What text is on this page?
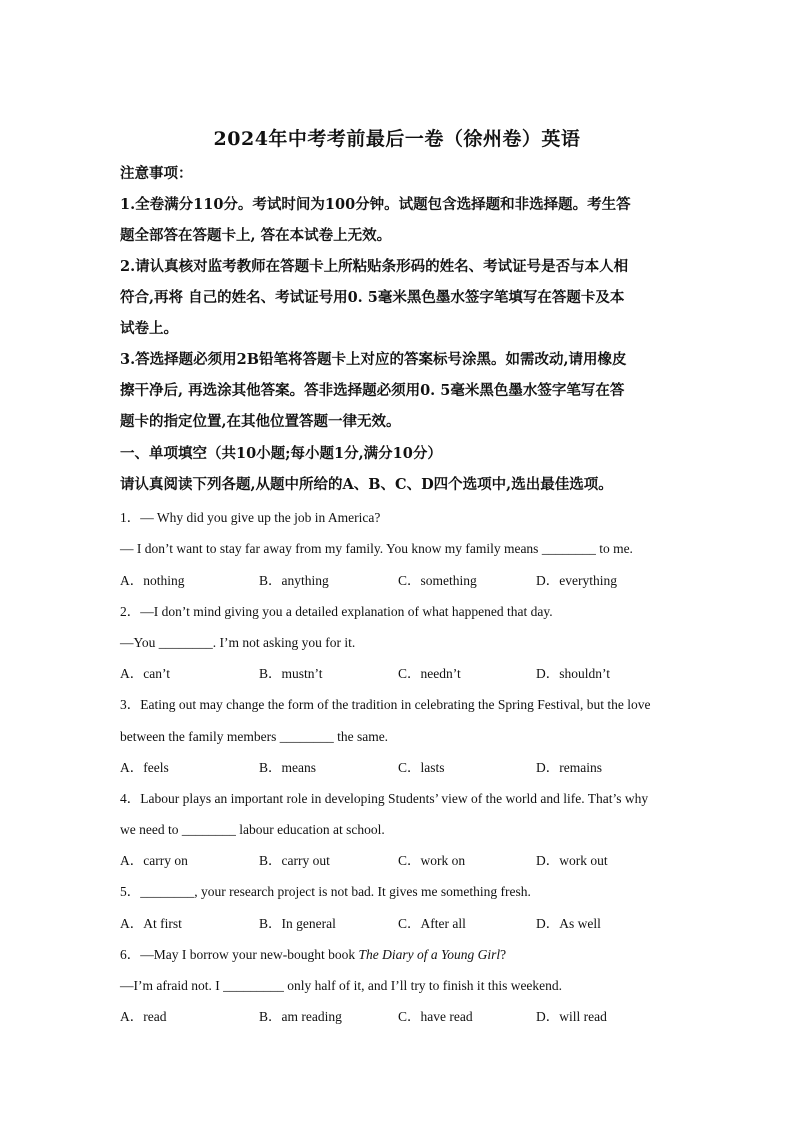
2024年中考考前最后一卷（徐州卷）英语
注意事项：
1.全卷满分110分。考试时间为100分钟。试题包含选择题和非选择题。考生答
题全部答在答题卡上, 答在本试卷上无效。
2.请认真核对监考教师在答题卡上所粘贴条形码的姓名、考试证号是否与本人相
符合,再将 自己的姓名、考试证号用0. 5毫米黑色墨水签字笔填写在答题卡及本
试卷上。
3.答选择题必须用2B铅笔将答题卡上对应的答案标号涂黑。如需改动,请用橡皮
擦干净后, 再选涂其他答案。答非选择题必须用0. 5毫米黑色墨水签字笔写在答
题卡的指定位置,在其他位置答题一律无效。
一、单项填空（共10小题;每小题1分,满分10分）
请认真阅读下列各题,从题中所给的A、B、C、D四个选项中,选出最佳选项。
1．— Why did you give up the job in America?
— I don’t want to stay far away from my family. You know my family means ________ to me.
A．nothing	B．anything	C．something	D．everything
2．—I don’t mind giving you a detailed explanation of what happened that day.
—You ________. I’m not asking you for it.
A．can’t	B．mustn’t	C．needn’t	D．shouldn’t
3．Eating out may change the form of the tradition in celebrating the Spring Festival, but the love
between the family members ________ the same.
A．feels	B．means	C．lasts	D．remains
4．Labour plays an important role in developing Students’ view of the world and life. That’s why
we need to ________ labour education at school.
A．carry on	B．carry out	C．work on	D．work out
5．________, your research project is not bad. It gives me something fresh.
A．At first	B．In general	C．After all	D．As well
6．—May I borrow your new-bought book The Diary of a Young Girl?
—I’m afraid not. I _________ only half of it, and I’ll try to finish it this weekend.
A．read	B．am reading	C．have read	D．will read
